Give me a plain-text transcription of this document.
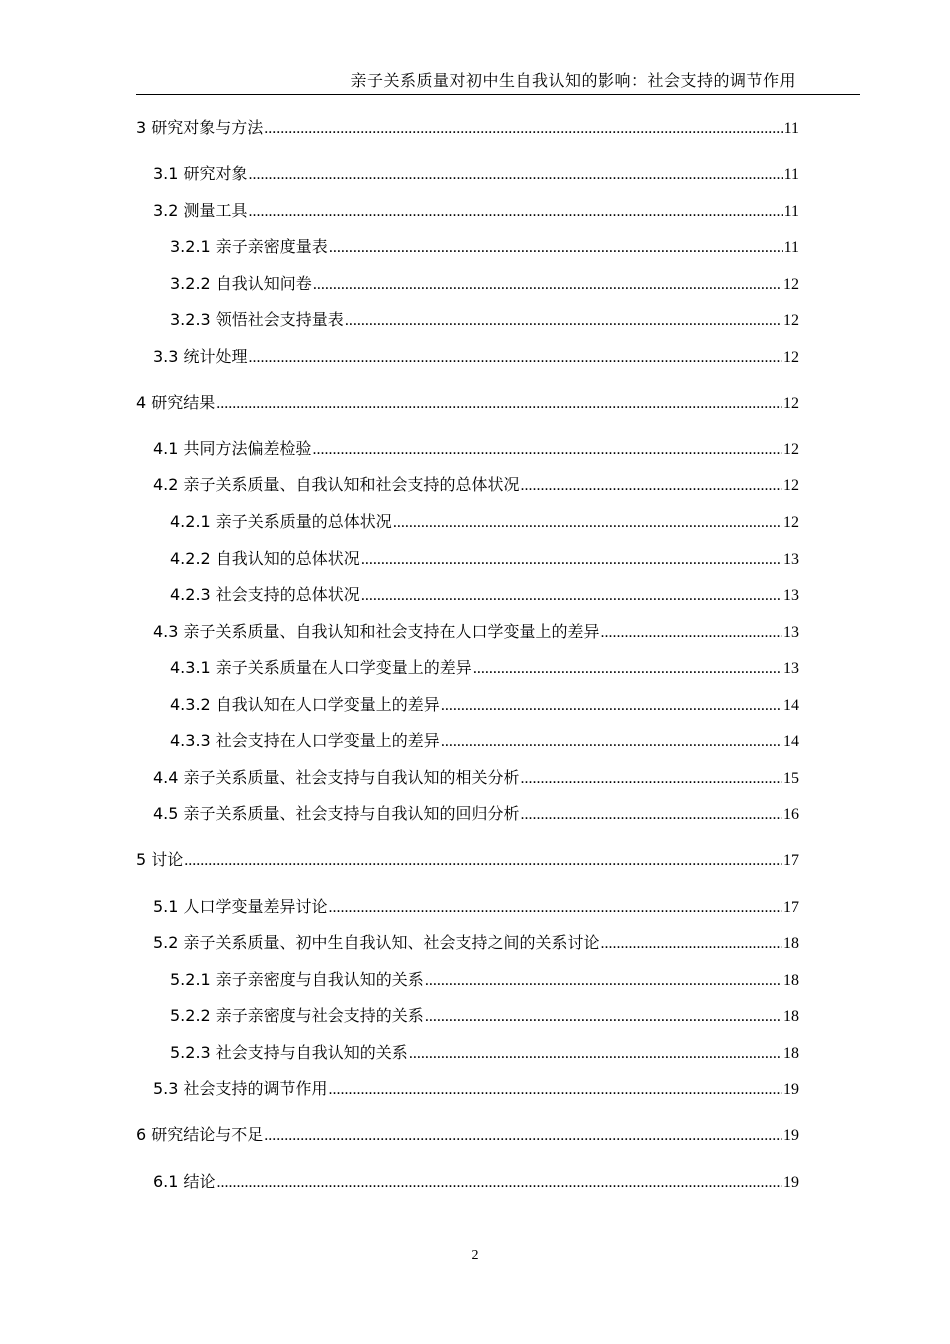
亲子关系质量对初中生自我认知的影响：社会支持的调节作用
3 研究对象与方法 .....	11
3.1 研究对象 .....	11
3.2 测量工具 .....	11
3.2.1 亲子亲密度量表 .....	11
3.2.2 自我认知问卷 .....	12
3.2.3 领悟社会支持量表 .....	12
3.3 统计处理 .....	12
4 研究结果 .....	12
4.1 共同方法偏差检验 .....	12
4.2 亲子关系质量、自我认知和社会支持的总体状况 .....	12
4.2.1 亲子关系质量的总体状况 .....	12
4.2.2 自我认知的总体状况 .....	13
4.2.3 社会支持的总体状况 .....	13
4.3 亲子关系质量、自我认知和社会支持在人口学变量上的差异 .....	13
4.3.1 亲子关系质量在人口学变量上的差异 .....	13
4.3.2 自我认知在人口学变量上的差异 .....	14
4.3.3 社会支持在人口学变量上的差异 .....	14
4.4 亲子关系质量、社会支持与自我认知的相关分析 .....	15
4.5 亲子关系质量、社会支持与自我认知的回归分析 .....	16
5 讨论 .....	17
5.1 人口学变量差异讨论 .....	17
5.2 亲子关系质量、初中生自我认知、社会支持之间的关系讨论 .....	18
5.2.1 亲子亲密度与自我认知的关系 .....	18
5.2.2 亲子亲密度与社会支持的关系 .....	18
5.2.3 社会支持与自我认知的关系 .....	18
5.3 社会支持的调节作用 .....	19
6 研究结论与不足 .....	19
6.1 结论 .....	19
2
